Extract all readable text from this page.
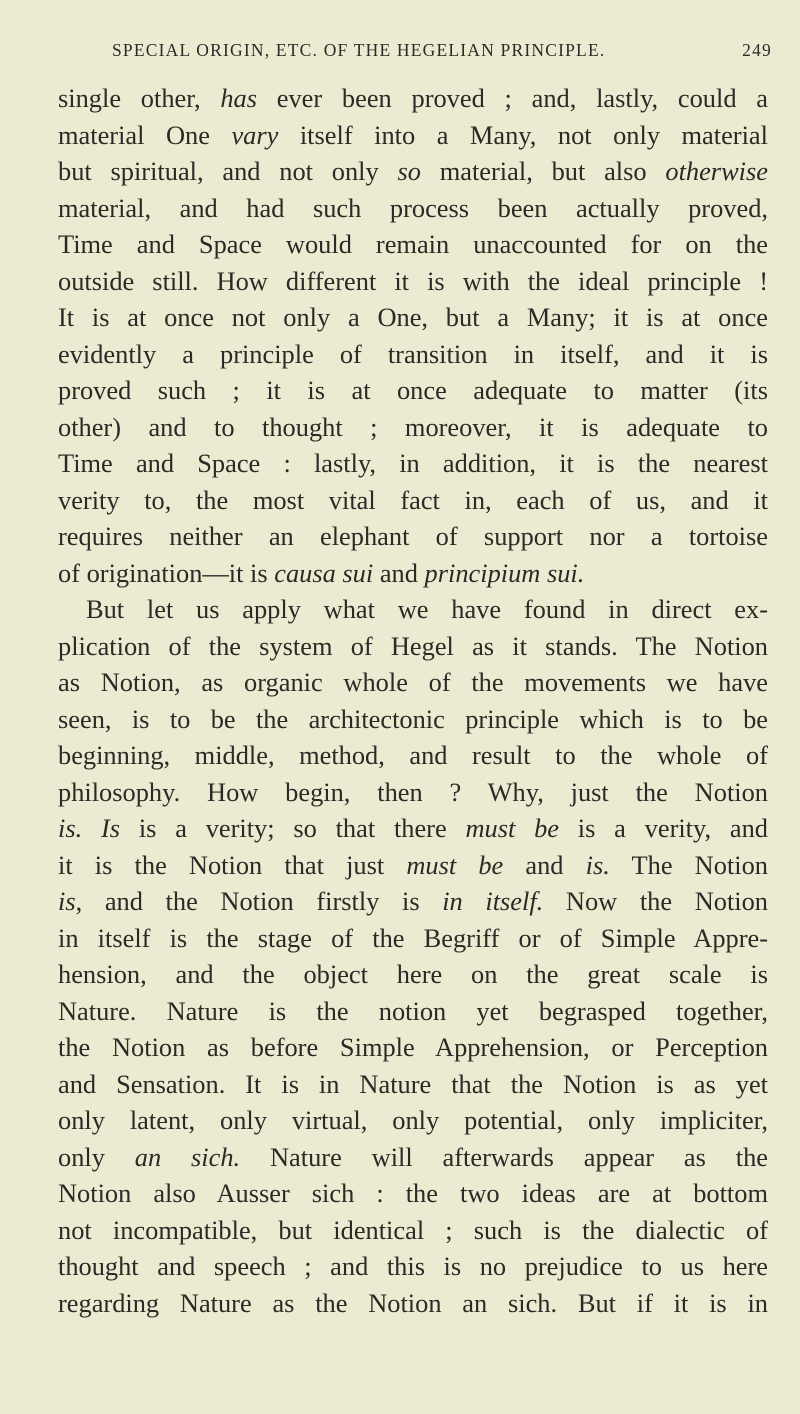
SPECIAL ORIGIN, ETC. OF THE HEGELIAN PRINCIPLE.	249
single other, has ever been proved ; and, lastly, could a
material One vary itself into a Many, not only material
but spiritual, and not only so material, but also otherwise
material, and had such process been actually proved,
Time and Space would remain unaccounted for on the
outside still. How different it is with the ideal principle !
It is at once not only a One, but a Many; it is at once
evidently a principle of transition in itself, and it is
proved such ; it is at once adequate to matter (its
other) and to thought ; moreover, it is adequate to
Time and Space : lastly, in addition, it is the nearest
verity to, the most vital fact in, each of us, and it
requires neither an elephant of support nor a tortoise
of origination—it is causa sui and principium sui.
But let us apply what we have found in direct ex-
plication of the system of Hegel as it stands. The Notion
as Notion, as organic whole of the movements we have
seen, is to be the architectonic principle which is to be
beginning, middle, method, and result to the whole of
philosophy. How begin, then ? Why, just the Notion
is. Is is a verity; so that there must be is a verity, and
it is the Notion that just must be and is. The Notion
is, and the Notion firstly is in itself. Now the Notion
in itself is the stage of the Begriff or of Simple Appre-
hension, and the object here on the great scale is
Nature. Nature is the notion yet begrasped together,
the Notion as before Simple Apprehension, or Perception
and Sensation. It is in Nature that the Notion is as yet
only latent, only virtual, only potential, only impliciter,
only an sich. Nature will afterwards appear as the
Notion also Ausser sich : the two ideas are at bottom
not incompatible, but identical ; such is the dialectic of
thought and speech ; and this is no prejudice to us here
regarding Nature as the Notion an sich. But if it is in
